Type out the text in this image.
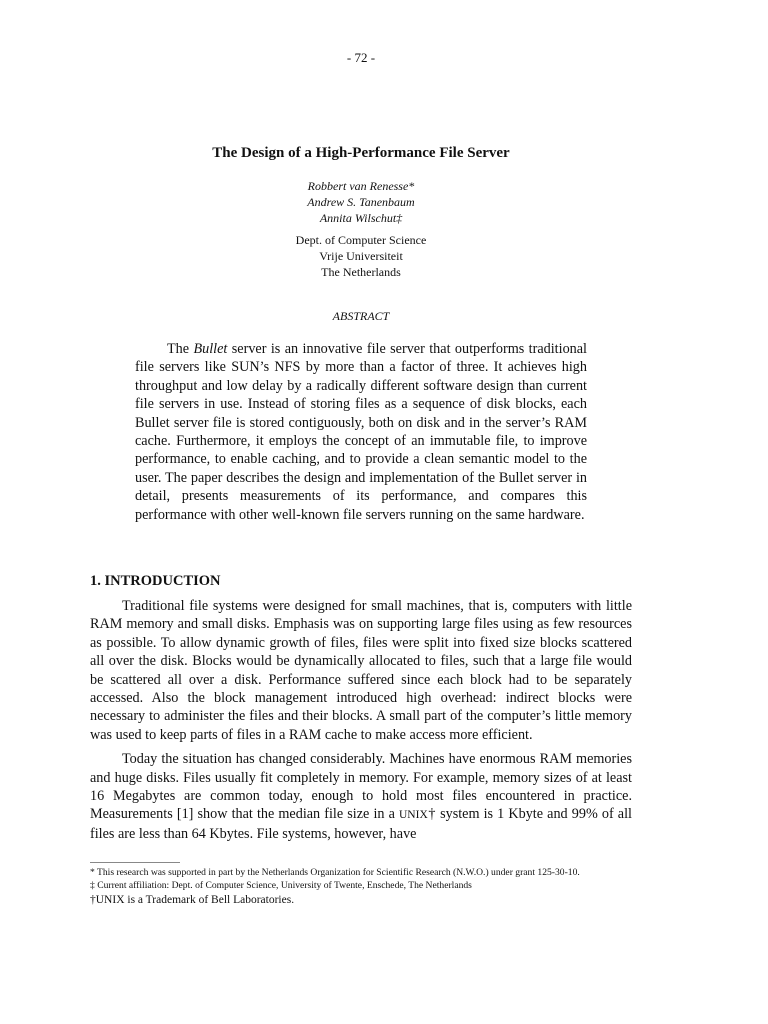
- 72 -
The Design of a High-Performance File Server
Robbert van Renesse*
Andrew S. Tanenbaum
Annita Wilschut‡
Dept. of Computer Science
Vrije Universiteit
The Netherlands
ABSTRACT

The Bullet server is an innovative file server that outperforms traditional file servers like SUN’s NFS by more than a factor of three. It achieves high throughput and low delay by a radically different software design than current file servers in use. Instead of storing files as a sequence of disk blocks, each Bullet server file is stored contiguously, both on disk and in the server’s RAM cache. Furthermore, it employs the concept of an immutable file, to improve performance, to enable caching, and to provide a clean semantic model to the user. The paper describes the design and implementation of the Bullet server in detail, presents measurements of its performance, and compares this performance with other well-known file servers running on the same hardware.

1. INTRODUCTION

Traditional file systems were designed for small machines, that is, computers with little RAM memory and small disks. Emphasis was on supporting large files using as few resources as possible. To allow dynamic growth of files, files were split into fixed size blocks scattered all over the disk. Blocks would be dynamically allocated to files, such that a large file would be scattered all over a disk. Performance suffered since each block had to be separately accessed. Also the block management introduced high overhead: indirect blocks were necessary to administer the files and their blocks. A small part of the computer’s little memory was used to keep parts of files in a RAM cache to make access more efficient.

Today the situation has changed considerably. Machines have enormous RAM memories and huge disks. Files usually fit completely in memory. For example, memory sizes of at least 16 Megabytes are common today, enough to hold most files encountered in practice. Measurements [1] show that the median file size in a UNIX† system is 1 Kbyte and 99% of all files are less than 64 Kbytes. File systems, however, have

* This research was supported in part by the Netherlands Organization for Scientific Research (N.W.O.) under grant 125-30-10.
‡ Current affiliation: Dept. of Computer Science, University of Twente, Enschede, The Netherlands
†UNIX is a Trademark of Bell Laboratories.
